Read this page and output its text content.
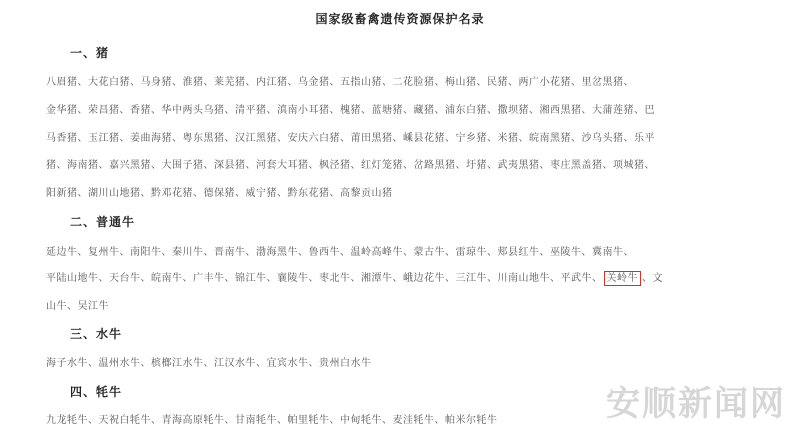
国家级畜禽遗传资源保护名录
一、猪
八眉猪、大花白猪、马身猪、淮猪、莱芜猪、内江猪、乌金猪、五指山猪、二花脸猪、梅山猪、民猪、两广小花猪、里岔黑猪、
金华猪、荣昌猪、香猪、华中两头乌猪、清平猪、滇南小耳猪、槐猪、蓝塘猪、藏猪、浦东白猪、撒坝猪、湘西黑猪、大蒲莲猪、巴
马香猪、玉江猪、姜曲海猪、粤东黑猪、汉江黑猪、安庆六白猪、莆田黑猪、嵊县花猪、宁乡猪、米猪、皖南黑猪、沙乌头猪、乐平
猪、海南猪、嘉兴黑猪、大围子猪、深县猪、河套大耳猪、枫泾猪、红灯笼猪、岔路黑猪、圩猪、武夷黑猪、枣庄黑盖猪、项城猪、
阳新猪、湖川山地猪、黔邓花猪、德保猪、威宁猪、黔东花猪、高黎贡山猪
二、普通牛
延边牛、复州牛、南阳牛、秦川牛、晋南牛、渤海黑牛、鲁西牛、温岭高峰牛、蒙古牛、雷琼牛、郏县红牛、巫陵牛、冀南牛、
平陆山地牛、天台牛、皖南牛、广丰牛、锦江牛、襄陵牛、枣北牛、湘潭牛、峨边花牛、三江牛、川南山地牛、平武牛、 关岭牛 、文
山牛、吴江牛
三、水牛
海子水牛、温州水牛、槟榔江水牛、江汉水牛、宜宾水牛、贵州白水牛
四、牦牛
九龙牦牛、天祝白牦牛、青海高原牦牛、甘南牦牛、帕里牦牛、中甸牦牛、麦洼牦牛、帕米尔牦牛	安顺新闻网
